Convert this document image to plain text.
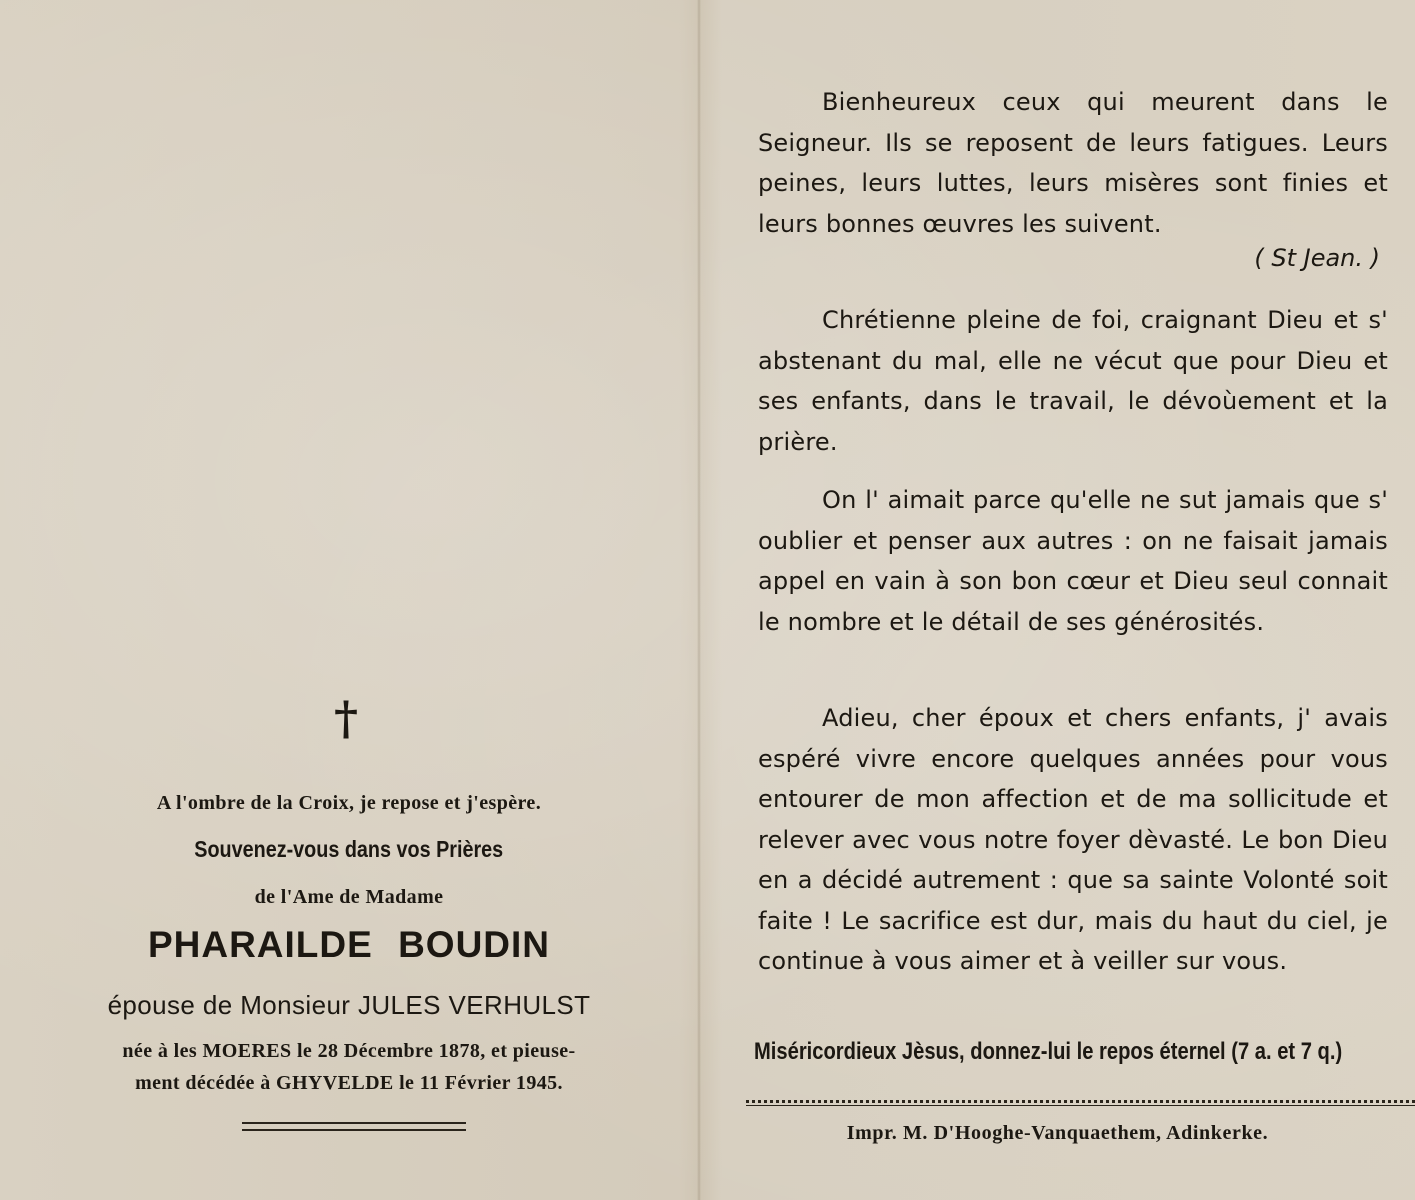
†
A l'ombre de la Croix, je repose et j'espère.
Souvenez-vous dans vos Prières
de l'Ame de Madame
PHARAILDE BOUDIN
épouse de Monsieur JULES VERHULST
née à les MOERES le 28 Décembre 1878, et pieuse-
ment décédée à GHYVELDE le 11 Février 1945.

Bienheureux ceux qui meurent dans le Seigneur. Ils se reposent de leurs fatigues. Leurs peines, leurs luttes, leurs misères sont finies et leurs bonnes œuvres les suivent.

( St Jean. )

Chrétienne pleine de foi, craignant Dieu et s' abstenant du mal, elle ne vécut que pour Dieu et ses enfants, dans le travail, le dévoùement et la prière.

On l' aimait parce qu'elle ne sut jamais que s' oublier et penser aux autres : on ne faisait jamais appel en vain à son bon cœur et Dieu seul connait le nombre et le détail de ses générosités.

Adieu, cher époux et chers enfants, j' avais espéré vivre encore quelques années pour vous entourer de mon affection et de ma sollicitude et relever avec vous notre foyer dèvasté. Le bon Dieu en a décidé autrement : que sa sainte Volonté soit faite ! Le sacrifice est dur, mais du haut du ciel, je continue à vous aimer et à veiller sur vous.

Miséricordieux Jèsus, donnez-lui le repos éternel (7 a. et 7 q.)
Impr. M. D'Hooghe-Vanquaethem, Adinkerke.
